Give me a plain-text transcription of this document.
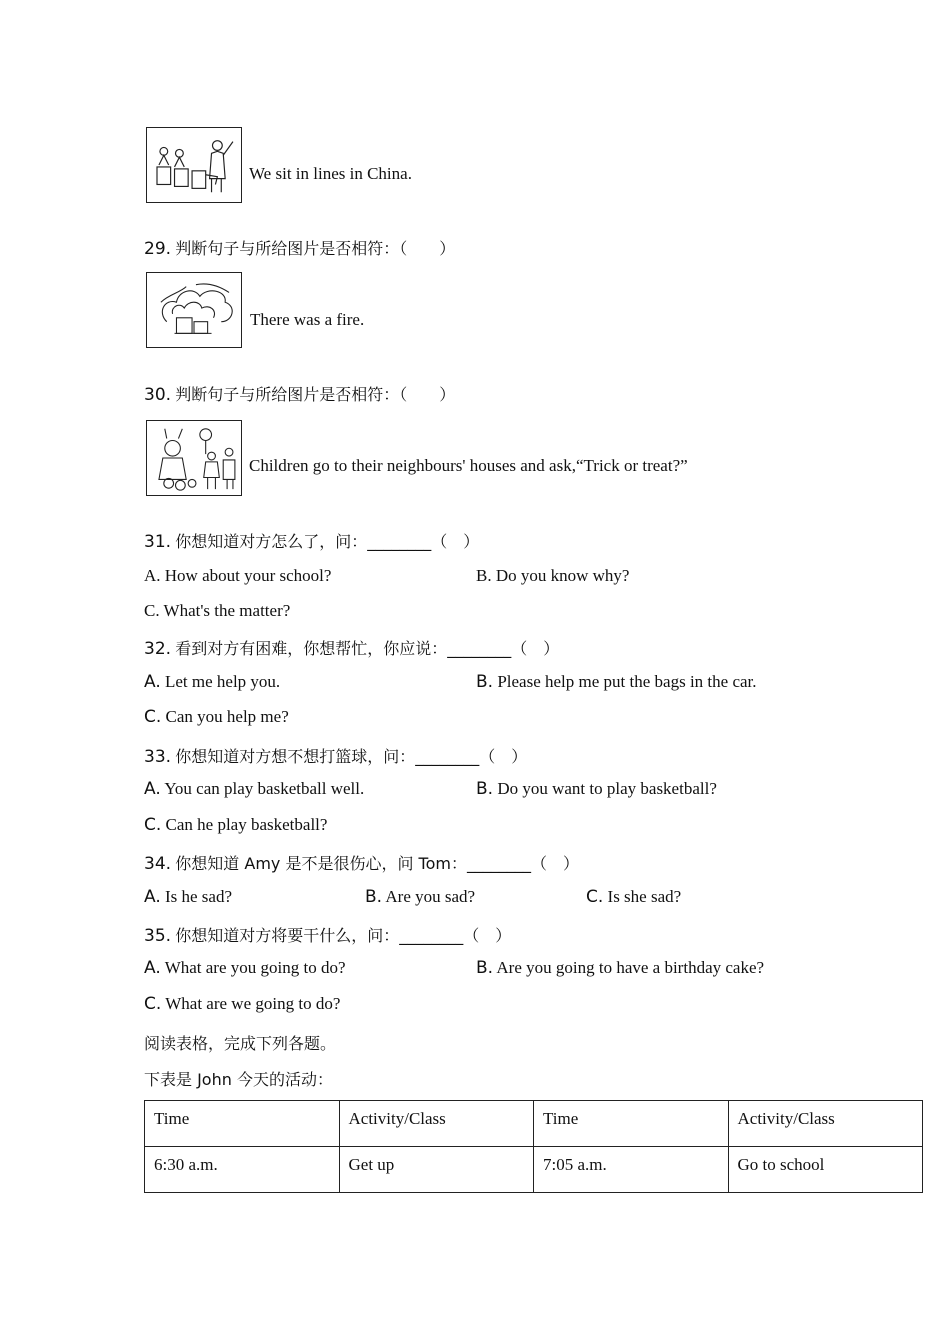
We sit in lines in China.
29. 判断句子与所给图片是否相符：（　　）
There was a fire.
30. 判断句子与所给图片是否相符：（　　）
Children go to their neighbours' houses and ask,“Trick or treat?”
31. 你想知道对方怎么了，问：________（　）
A. How about your school?	B. Do you know why?
C. What's the matter?
32. 看到对方有困难，你想帮忙，你应说：________（　）
A. Let me help you.	B. Please help me put the bags in the car.
C. Can you help me?
33. 你想知道对方想不想打篮球，问：________（　）
A. You can play basketball well.	B. Do you want to play basketball?
C. Can he play basketball?
34. 你想知道 Amy 是不是很伤心，问 Tom：________（　）
A. Is he sad?	B. Are you sad?	C. Is she sad?
35. 你想知道对方将要干什么，问：________（　）
A. What are you going to do?	B. Are you going to have a birthday cake?
C. What are we going to do?
阅读表格，完成下列各题。
下表是 John 今天的活动：
Time	Activity/Class	Time	Activity/Class
6:30 a.m.	Get up	7:05 a.m.	Go to school
